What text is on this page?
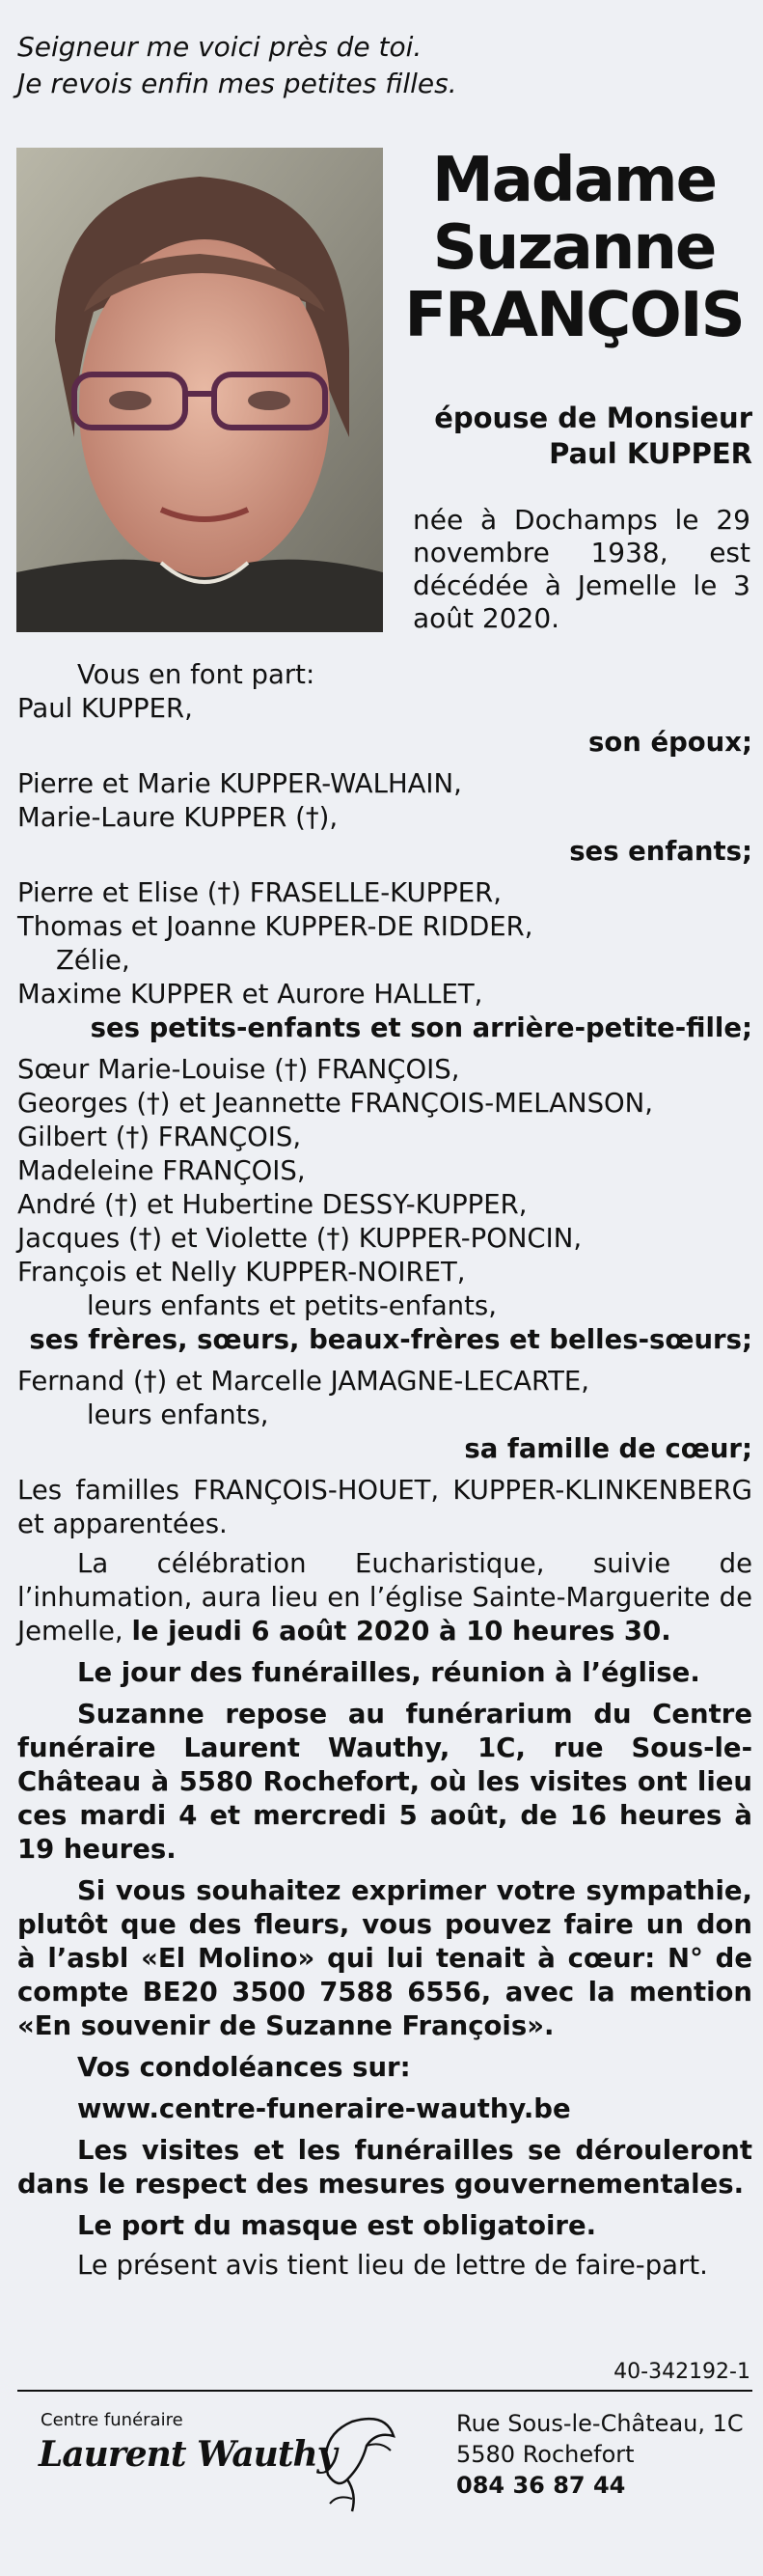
Seigneur me voici près de toi.
Je revois enfin mes petites filles.
Madame
Suzanne
FRANÇOIS
épouse de Monsieur
Paul KUPPER
née à Dochamps le 29 novembre 1938, est décédée à Jemelle le 3 août 2020.
Vous en font part:
Paul KUPPER,
son époux;
Pierre et Marie KUPPER-WALHAIN,
Marie-Laure KUPPER (†),
ses enfants;
Pierre et Elise (†) FRASELLE-KUPPER,
Thomas et Joanne KUPPER-DE RIDDER,
Zélie,
Maxime KUPPER et Aurore HALLET,
ses petits-enfants et son arrière-petite-fille;
Sœur Marie-Louise (†) FRANÇOIS,
Georges (†) et Jeannette FRANÇOIS-MELANSON,
Gilbert (†) FRANÇOIS,
Madeleine FRANÇOIS,
André (†) et Hubertine DESSY-KUPPER,
Jacques (†) et Violette (†) KUPPER-PONCIN,
François et Nelly KUPPER-NOIRET,
leurs enfants et petits-enfants,
ses frères, sœurs, beaux-frères et belles-sœurs;
Fernand (†) et Marcelle JAMAGNE-LECARTE,
leurs enfants,
sa famille de cœur;
Les familles FRANÇOIS-HOUET, KUPPER-KLINKENBERG et apparentées.
La célébration Eucharistique, suivie de l’inhumation, aura lieu en l’église Sainte-Marguerite de Jemelle, le jeudi 6 août 2020 à 10 heures 30.
Le jour des funérailles, réunion à l’église.
Suzanne repose au funérarium du Centre funéraire Laurent Wauthy, 1C, rue Sous-le-Château à 5580 Rochefort, où les visites ont lieu ces mardi 4 et mercredi 5 août, de 16 heures à 19 heures.
Si vous souhaitez exprimer votre sympathie, plutôt que des fleurs, vous pouvez faire un don à l’asbl «El Molino» qui lui tenait à cœur: N° de compte BE20 3500 7588 6556, avec la mention «En souvenir de Suzanne François».
Vos condoléances sur:
www.centre-funeraire-wauthy.be
Les visites et les funérailles se dérouleront dans le respect des mesures gouvernementales.
Le port du masque est obligatoire.
Le présent avis tient lieu de lettre de faire-part.
40-342192-1
Centre funéraire
Laurent Wauthy
Rue Sous-le-Château, 1C
5580 Rochefort
084 36 87 44
